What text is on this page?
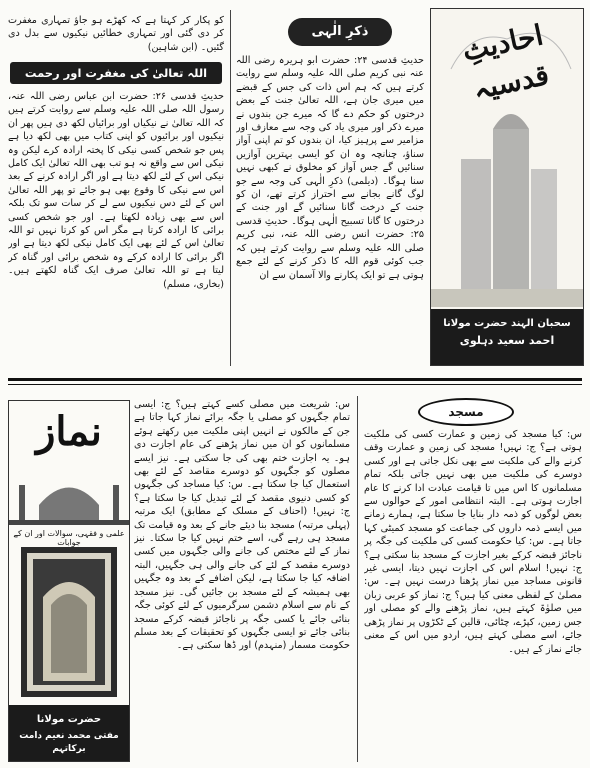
احادیثِ قدسیہ
سحبان الہند حضرت مولانا
احمد سعید دہلوی
ذکرِ الٰہی

حدیثِ قدسی ۲۴: حضرت ابو ہریرہ رضی اللہ عنہ نبی کریم صلی اللہ علیہ وسلم سے روایت کرتے ہیں کہ ہم اس ذات کی جس کے قبضے میں میری جان ہے، اللہ تعالیٰ جنت کے بعض درختوں کو حکم دے گا کہ میرے جن بندوں نے میرے ذکر اور میری یاد کی وجہ سے معازف اور مزامیر سے پرہیز کیا، ان بندوں کو تم اپنی آواز سناؤ، چنانچہ وہ ان کو ایسی بہترین آوازیں سنائیں گے جس آواز کو مخلوق نے کبھی نہیں سنا ہوگا۔ (دیلمی) ذکرِ الٰہی کی وجہ سے جو لوگ گانے بجانے سے احتراز کرتے تھے، ان کو جنت کے درخت گانا سنائیں گے اور جنت کے درختوں کا گانا تسبیح الٰہی ہوگا۔ حدیثِ قدسی ۲۵: حضرت انس رضی اللہ عنہ، نبی کریم صلی اللہ علیہ وسلم سے روایت کرتے ہیں کہ جب کوئی قوم اللہ کا ذکر کرنے کے لئے جمع ہوتی ہے تو ایک پکارنے والا آسمان سے ان

کو پکار کر کہتا ہے کہ کھڑے ہو جاؤ تمہاری مغفرت کر دی گئی اور تمہاری خطائیں نیکیوں سے بدل دی گئیں۔ (ابن شاہین)

اللہ تعالیٰ کی مغفرت اور رحمت

حدیثِ قدسی ۲۶: حضرت ابن عباس رضی اللہ عنہ، رسول اللہ صلی اللہ علیہ وسلم سے روایت کرتے ہیں کہ اللہ تعالیٰ نے نیکیاں اور برائیاں لکھ دی ہیں پھر ان نیکیوں اور برائیوں کو اپنی کتاب میں بھی لکھ دیا ہے پس جو شخص کسی نیکی کا پختہ ارادہ کرے لیکن وہ نیکی اس سے واقع نہ ہو تب بھی اللہ تعالیٰ ایک کامل نیکی اس کے لئے لکھ دیتا ہے اور اگر ارادہ کرنے کے بعد اس سے نیکی کا وقوع بھی ہو جائے تو پھر اللہ تعالیٰ اس کے لئے دس نیکیوں سے لے کر سات سو تک بلکہ اس سے بھی زیادہ لکھتا ہے۔ اور جو شخص کسی برائی کا ارادہ کرتا ہے مگر اس کو کرتا نہیں تو اللہ تعالیٰ اس کے لئے بھی ایک کامل نیکی لکھ دیتا ہے اور اگر برائی کا ارادہ کرکے وہ شخص برائی اور گناہ کر لیتا ہے تو اللہ تعالیٰ صرف ایک گناہ لکھتے ہیں۔ (بخاری، مسلم)

نماز
علمی و فقہی، سوالات اور ان کے جوابات
حضرت مولانا
مفتی محمد نعیم دامت برکاتہم
مسجد

س: کیا مسجد کی زمین و عمارت کسی کی ملکیت ہوتی ہے؟ ج: نہیں! مسجد کی زمین و عمارت وقف کرنے والے کی ملکیت سے بھی نکل جاتی ہے اور کسی دوسرے کی ملکیت میں بھی نہیں جاتی بلکہ تمام مسلمانوں کا اس میں تا قیامت عبادت ادا کرنے کا عام اجازت ہوتی ہے۔ البتہ انتظامی امور کے حوالوں سے بعض لوگوں کو ذمہ دار بنایا جا سکتا ہے، ہمارے زمانے میں ایسے ذمہ داروں کی جماعت کو مسجد کمیٹی کہا جاتا ہے۔ س: کیا حکومت کسی کی ملکیت کی جگہ پر ناجائز قبضہ کرکے بغیر اجازت کے مسجد بنا سکتی ہے؟ ج: نہیں! اسلام اس کی اجازت نہیں دیتا، ایسی غیر قانونی مساجد میں نماز پڑھنا درست نہیں ہے۔ س: مصلیٰ کے لفظی معنی کیا ہیں؟ ج: نماز کو عربی زبان میں صلوٰۃ کہتے ہیں، نماز پڑھنے والے کو مصلی اور جس زمین، کپڑے، چٹائی، قالین کے ٹکڑوں پر نماز پڑھی جائے، اسے مصلی کہتے ہیں، اردو میں اس کے معنی جائے نماز کے ہیں۔

س: شریعت میں مصلی کسے کہتے ہیں؟ ج: ایسی تمام جگہوں کو مصلی یا جگہ برائے نماز کہا جاتا ہے جن کے مالکوں نے انہیں اپنی ملکیت میں رکھتے ہوئے مسلمانوں کو ان میں نماز پڑھنے کی عام اجازت دی ہو۔ یہ اجازت ختم بھی کی جا سکتی ہے۔ نیز ایسے مصلوں کو جگہوں کو دوسرے مقاصد کے لئے بھی استعمال کیا جا سکتا ہے۔ س: کیا مساجد کی جگہوں کو کسی دنیوی مقصد کے لئے تبدیل کیا جا سکتا ہے؟ ج: نہیں! (احناف کے مسلک کے مطابق) ایک مرتبہ (پہلی مرتبہ) مسجد بنا دیئے جانے کے بعد وہ قیامت تک مسجد ہی رہے گی، اسے ختم نہیں کیا جا سکتا۔ نیز نماز کے لئے مختص کی جانے والی جگہوں میں کسی دوسرے مقصد کے لئے کی جانے والی ہی جگہیں، البتہ اضافہ کیا جا سکتا ہے، لیکن اضافے کے بعد وہ جگہیں بھی ہمیشہ کے لئے مسجد بن جائیں گی۔ نیز مسجد کے نام سے اسلام دشمن سرگرمیوں کے لئے کوئی جگہ بنائی جائے یا کسی جگہ پر ناجائز قبضہ کرکے مسجد بنائی جائے تو ایسی جگہوں کو تحقیقات کے بعد مسلم حکومت مسمار (منہدم) اور ڈھا سکتی ہے۔
